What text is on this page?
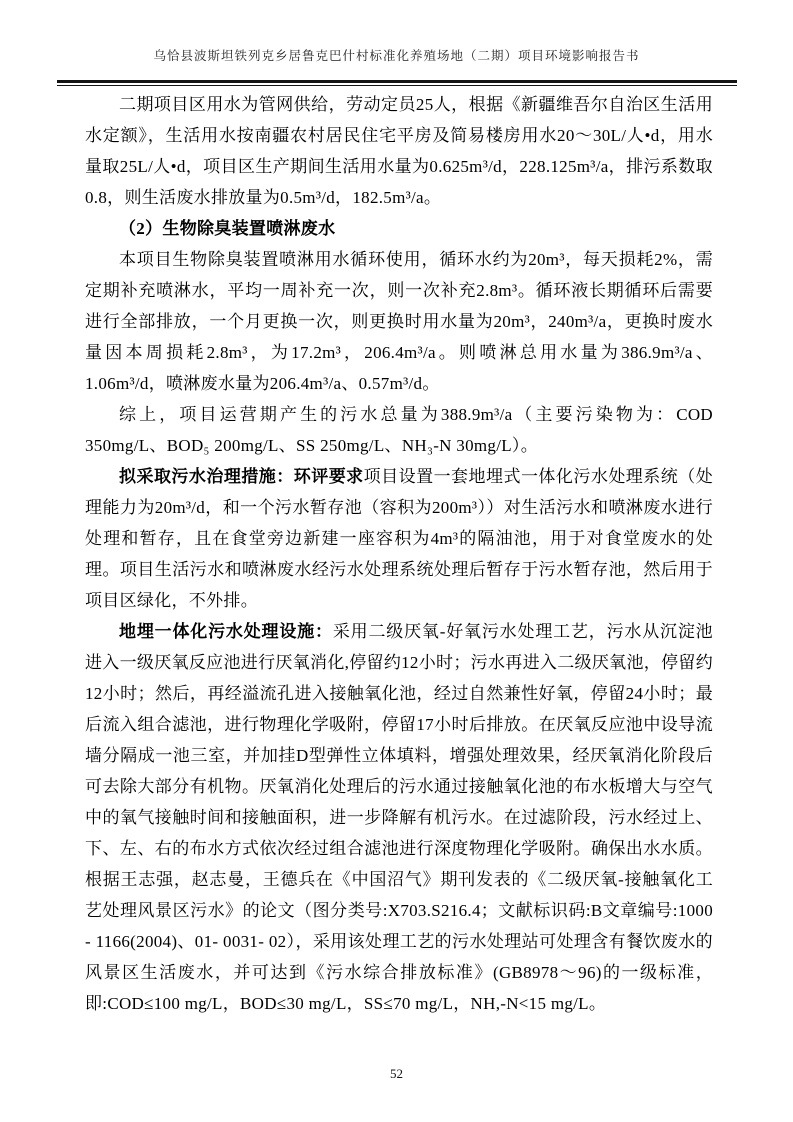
乌恰县波斯坦铁列克乡居鲁克巴什村标准化养殖场地（二期）项目环境影响报告书

二期项目区用水为管网供给，劳动定员25人，根据《新疆维吾尔自治区生活用水定额》，生活用水按南疆农村居民住宅平房及简易楼房用水20～30L/人•d，用水量取25L/人•d，项目区生产期间生活用水量为0.625m³/d，228.125m³/a，排污系数取0.8，则生活废水排放量为0.5m³/d，182.5m³/a。

（2）生物除臭装置喷淋废水

本项目生物除臭装置喷淋用水循环使用，循环水约为20m³，每天损耗2%，需定期补充喷淋水，平均一周补充一次，则一次补充2.8m³。循环液长期循环后需要进行全部排放，一个月更换一次，则更换时用水量为20m³，240m³/a，更换时废水量因本周损耗2.8m³，为17.2m³，206.4m³/a。则喷淋总用水量为386.9m³/a、1.06m³/d，喷淋废水量为206.4m³/a、0.57m³/d。

综上，项目运营期产生的污水总量为388.9m³/a（主要污染物为：COD 350mg/L、BOD₅ 200mg/L、SS 250mg/L、NH₃-N 30mg/L）。

拟采取污水治理措施：环评要求项目设置一套地埋式一体化污水处理系统（处理能力为20m³/d，和一个污水暂存池（容积为200m³））对生活污水和喷淋废水进行处理和暂存，且在食堂旁边新建一座容积为4m³的隔油池，用于对食堂废水的处理。项目生活污水和喷淋废水经污水处理系统处理后暂存于污水暂存池，然后用于项目区绿化，不外排。

地埋一体化污水处理设施：采用二级厌氧-好氧污水处理工艺，污水从沉淀池进入一级厌氧反应池进行厌氧消化,停留约12小时；污水再进入二级厌氧池，停留约12小时；然后，再经溢流孔进入接触氧化池，经过自然兼性好氧，停留24小时；最后流入组合滤池，进行物理化学吸附，停留17小时后排放。在厌氧反应池中设导流墙分隔成一池三室，并加挂D型弹性立体填料，增强处理效果，经厌氧消化阶段后可去除大部分有机物。厌氧消化处理后的污水通过接触氧化池的布水板增大与空气中的氧气接触时间和接触面积，进一步降解有机污水。在过滤阶段，污水经过上、下、左、右的布水方式依次经过组合滤池进行深度物理化学吸附。确保出水水质。根据王志强，赵志曼，王德兵在《中国沼气》期刊发表的《二级厌氧-接触氧化工艺处理风景区污水》的论文（图分类号:X703.S216.4；文献标识码:B文章编号:1000 - 1166(2004)、01- 0031- 02），采用该处理工艺的污水处理站可处理含有餐饮废水的风景区生活废水，并可达到《污水综合排放标准》(GB8978～96)的一级标准，即:COD≤100 mg/L，BOD≤30 mg/L，SS≤70 mg/L，NH,-N<15 mg/L。

52
